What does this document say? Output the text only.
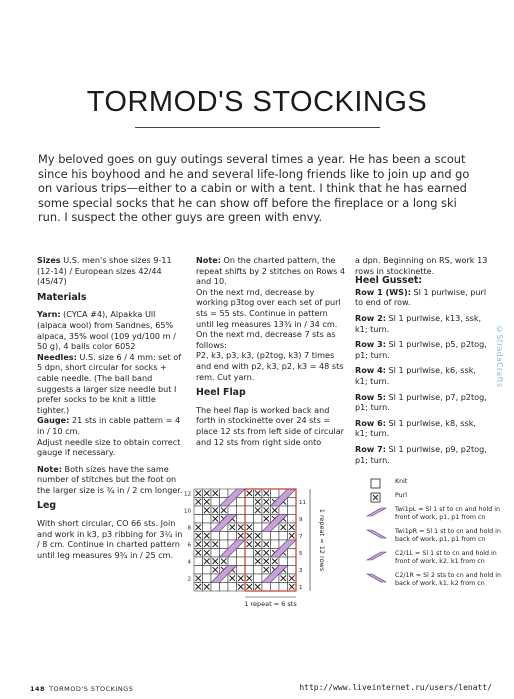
TORMOD'S STOCKINGS

My beloved goes on guy outings several times a year. He has been a scout since his boyhood and he and several life-long friends like to join up and go on various trips—either to a cabin or with a tent. I think that he has earned some special socks that he can show off before the fireplace or a long ski run. I suspect the other guys are green with envy.

©StradaCrafts

Sizes U.S. men's shoe sizes 9-11 (12-14) / European sizes 42/44 (45/47)

Materials

Yarn: (CYCA #4), Alpakka Ull (alpaca wool) from Sandnes, 65% alpaca, 35% wool (109 yd/100 m / 50 g), 4 balls color 6052

Needles: U.S. size 6 / 4 mm: set of 5 dpn, short circular for socks + cable needle. (The ball band suggests a larger size needle but I prefer socks to be knit a little tighter.)

Gauge: 21 sts in cable pattern = 4 in / 10 cm.

Adjust needle size to obtain correct gauge if necessary.

Note: Both sizes have the same number of stitches but the foot on the larger size is ¾ in / 2 cm longer.

Leg

With short circular, CO 66 sts. Join and work in k3, p3 ribbing for 3¼ in / 8 cm. Continue in charted pattern until leg measures 9¾ in / 25 cm.

Note: On the charted pattern, the repeat shifts by 2 stitches on Rows 4 and 10.

On the next rnd, decrease by working p3tog over each set of purl sts = 55 sts. Continue in pattern until leg measures 13¾ in / 34 cm. On the next rnd, decrease 7 sts as follows:

P2, k3, p3, k3, (p2tog, k3) 7 times and end with p2, k3, p2, k3 = 48 sts rem. Cut yarn.

Heel Flap

The heel flap is worked back and forth in stockinette over 24 sts = place 12 sts from left side of circular and 12 sts from right side onto

a dpn. Beginning on RS, work 13 rows in stockinette.

Heel Gusset:

Row 1 (WS): Sl 1 purlwise, purl to end of row.

Row 2: Sl 1 purlwise, k13, ssk, k1; turn.

Row 3: Sl 1 purlwise, p5, p2tog, p1; turn.

Row 4: Sl 1 purlwise, k6, ssk, k1; turn.

Row 5: Sl 1 purlwise, p7, p2tog, p1; turn.

Row 6: Sl 1 purlwise, k8, ssk, k1; turn.

Row 7: Sl 1 purlwise, p9, p2tog, p1; turn.

12
10
8
6
4
2
11
9
7
5
3
1
1 repeat = 12 rows
1 repeat = 6 sts
Knit
Purl
Twi1pL = Sl 1 st to cn and hold in front of work, p1, p1 from cn
Twi1pR = Sl 1 st to cn and hold in back of work, p1, p1 from cn
C2/1L = Sl 1 st to cn and hold in front of work, k2, k1 from cn
C2/1R = Sl 2 sts to cn and hold in back of work, k1, k2 from cn
148 TORMOD'S STOCKINGS	http://www.liveinternet.ru/users/lenatt/
